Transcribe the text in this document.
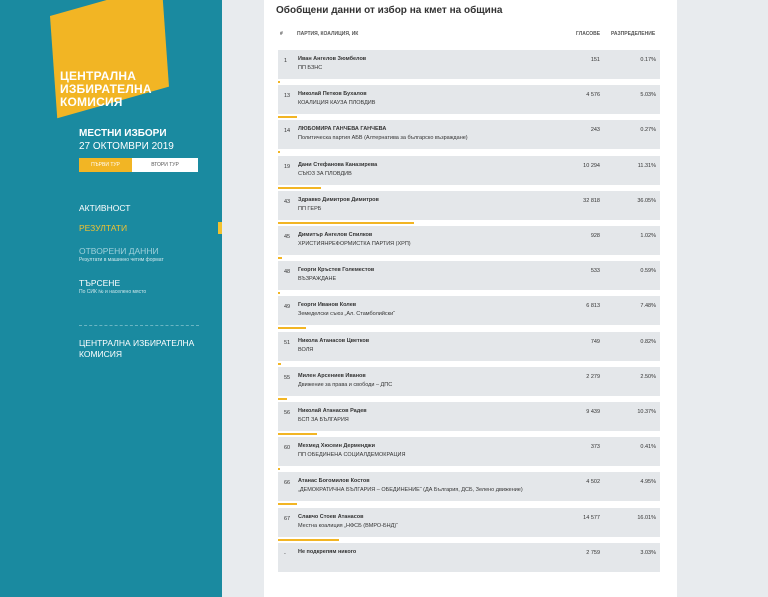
ЦЕНТРАЛНА
ИЗБИРАТЕЛНА
КОМИСИЯ
МЕСТНИ ИЗБОРИ
27 ОКТОМВРИ 2019
ПЪРВИ ТУР	ВТОРИ ТУР
АКТИВНОСТ
РЕЗУЛТАТИ
ОТВОРЕНИ ДАННИ
Резултати в машинно четим формат
ТЪРСЕНЕ
По СИК № и населено място
ЦЕНТРАЛНА ИЗБИРАТЕЛНА
КОМИСИЯ
Обобщени данни от избор на кмет на община
#	ПАРТИЯ, КОАЛИЦИЯ, ИК	ГЛАСОВЕ РАЗПРЕДЕЛЕНИЕ
1 Иван Ангелов Зюмбелов
ПП БЗНС
151	0.17%
13 Николай Петков Бухалов
КОАЛИЦИЯ КАУЗА ПЛОВДИВ
4 576	5.03%
14 ЛЮБОМИРА ГАНЧЕВА ГАНЧЕВА
Политическа партия АБВ (Алтернатива за българско възраждане)
243	0.27%
19 Дани Стефанова Каназирева
СЪЮЗ ЗА ПЛОВДИВ
10 294	11.31%
43 Здравко Димитров Димитров
ПП ГЕРБ
32 818	36.05%
45 Димитър Ангелов Спилков
ХРИСТИЯНРЕФОРМИСТКА ПАРТИЯ (ХРП)
928	1.02%
48 Георги Кръстев Големестов
ВЪЗРАЖДАНЕ
533	0.59%
49 Георги Иванов Колев
Земеделски съюз „Ал. Стамболийски“
6 813	7.48%
51 Никола Атанасов Цветков
ВОЛЯ
749	0.82%
55 Милен Арсениев Иванов
Движение за права и свободи – ДПС
2 279	2.50%
56 Николай Атанасов Радев
БСП ЗА БЪЛГАРИЯ
9 439	10.37%
60 Мехмед Хюсеин Дерменджи
ПП ОБЕДИНЕНА СОЦИАЛДЕМОКРАЦИЯ
373	0.41%
66 Атанас Богомилов Костов
„ДЕМОКРАТИЧНА БЪЛГАРИЯ – ОБЕДИНЕНИЕ“ (ДА България, ДСБ, Зелено движение)
4 502	4.95%
67 Славчо Стоев Атанасов
Местна коалиция „НФСБ (ВМРО-БНД)“
14 577	16.01%
- Не подкрепям никого	2 759	3.03%
